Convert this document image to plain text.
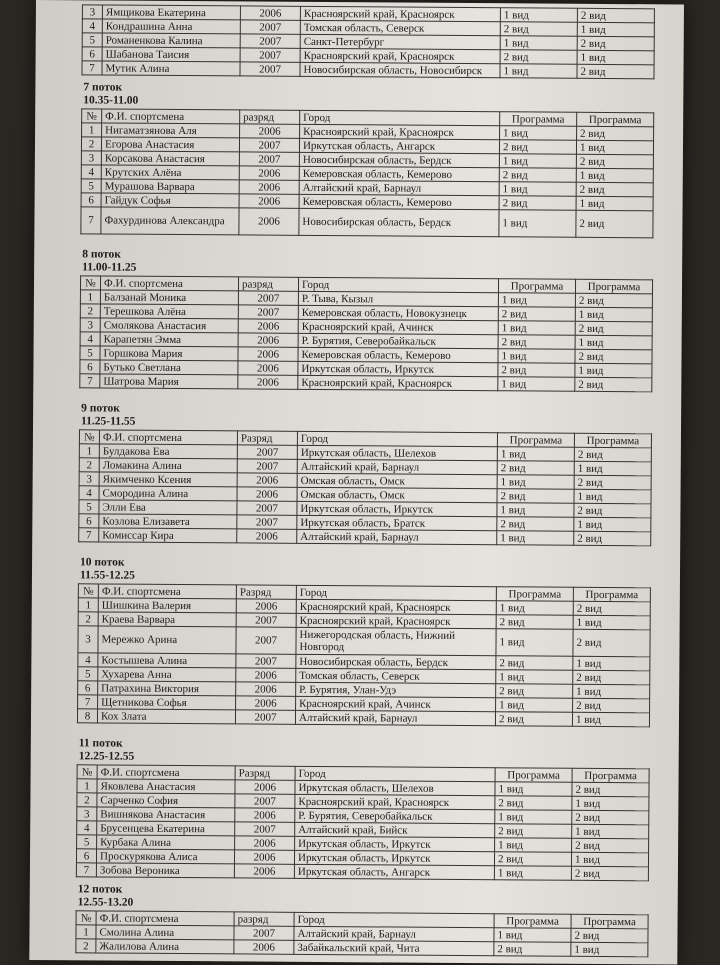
3	Ямщикова Екатерина	2006	Красноярский край, Красноярск	1 вид	2 вид
4	Кондрашина Анна	2007	Томская область, Северск	2 вид	1 вид
5	Романенкова Калина	2007	Санкт-Петербург	1 вид	2 вид
6	Шабанова Таисия	2007	Красноярский край, Красноярск	2 вид	1 вид
7	Мутик Алина	2007	Новосибирская область, Новосибирск	1 вид	2 вид
7 поток
10.35-11.00
№	Ф.И. спортсмена	разряд	Город	Программа	Программа
1	Нигаматзянова Аля	2006	Красноярский край, Красноярск	1 вид	2 вид
2	Егорова Анастасия	2007	Иркутская область, Ангарск	2 вид	1 вид
3	Корсакова Анастасия	2007	Новосибирская область, Бердск	1 вид	2 вид
4	Крутских Алёна	2006	Кемеровская область, Кемерово	2 вид	1 вид
5	Мурашова Варвара	2006	Алтайский край, Барнаул	1 вид	2 вид
6	Гайдук Софья	2006	Кемеровская область, Кемерово	2 вид	1 вид
7	Фахурдинова Александра	2006	Новосибирская область, Бердск	1 вид	2 вид
8 поток
11.00-11.25
№	Ф.И. спортсмена	разряд	Город	Программа	Программа
1	Балзанай Моника	2007	Р. Тыва, Кызыл	1 вид	2 вид
2	Терешкова Алёна	2007	Кемеровская область, Новокузнецк	2 вид	1 вид
3	Смолякова Анастасия	2006	Красноярский край, Ачинск	1 вид	2 вид
4	Карапетян Эмма	2006	Р. Бурятия, Северобайкальск	2 вид	1 вид
5	Горшкова Мария	2006	Кемеровская область, Кемерово	1 вид	2 вид
6	Бутько Светлана	2006	Иркутская область, Иркутск	2 вид	1 вид
7	Шатрова Мария	2006	Красноярский край, Красноярск	1 вид	2 вид
9 поток
11.25-11.55
№	Ф.И. спортсмена	Разряд	Город	Программа	Программа
1	Булдакова Ева	2007	Иркутская область, Шелехов	1 вид	2 вид
2	Ломакина Алина	2007	Алтайский край, Барнаул	2 вид	1 вид
3	Якимченко Ксения	2006	Омская область, Омск	1 вид	2 вид
4	Смородина Алина	2006	Омская область, Омск	2 вид	1 вид
5	Элли Ева	2007	Иркутская область, Иркутск	1 вид	2 вид
6	Козлова Елизавета	2007	Иркутская область, Братск	2 вид	1 вид
7	Комиссар Кира	2006	Алтайский край, Барнаул	1 вид	2 вид
10 поток
11.55-12.25
№	Ф.И. спортсмена	Разряд	Город	Программа	Программа
1	Шишкина Валерия	2006	Красноярский край, Красноярск	1 вид	2 вид
2	Краева Варвара	2007	Красноярский край, Красноярск	2 вид	1 вид
3	Мережко Арина	2007	Нижегородская область, Нижний Новгород	1 вид	2 вид
4	Костышева Алина	2007	Новосибирская область, Бердск	2 вид	1 вид
5	Хухарева Анна	2006	Томская область, Северск	1 вид	2 вид
6	Патрахина Виктория	2006	Р. Бурятия, Улан-Удэ	2 вид	1 вид
7	Щетникова Софья	2006	Красноярский край, Ачинск	1 вид	2 вид
8	Кох Злата	2007	Алтайский край, Барнаул	2 вид	1 вид
11 поток
12.25-12.55
№	Ф.И. спортсмена	Разряд	Город	Программа	Программа
1	Яковлева Анастасия	2006	Иркутская область, Шелехов	1 вид	2 вид
2	Сарченко София	2007	Красноярский край, Красноярск	2 вид	1 вид
3	Вишнякова Анастасия	2006	Р. Бурятия, Северобайкальск	1 вид	2 вид
4	Брусенцева Екатерина	2007	Алтайский край, Бийск	2 вид	1 вид
5	Курбака Алина	2006	Иркутская область, Иркутск	1 вид	2 вид
6	Проскурякова Алиса	2006	Иркутская область, Иркутск	2 вид	1 вид
7	Зобова Вероника	2006	Иркутская область, Ангарск	1 вид	2 вид
12 поток
12.55-13.20
№	Ф.И. спортсмена	разряд	Город	Программа	Программа
1	Смолина Алина	2007	Алтайский край, Барнаул	1 вид	2 вид
2	Жалилова Алина	2006	Забайкальский край, Чита	2 вид	1 вид
